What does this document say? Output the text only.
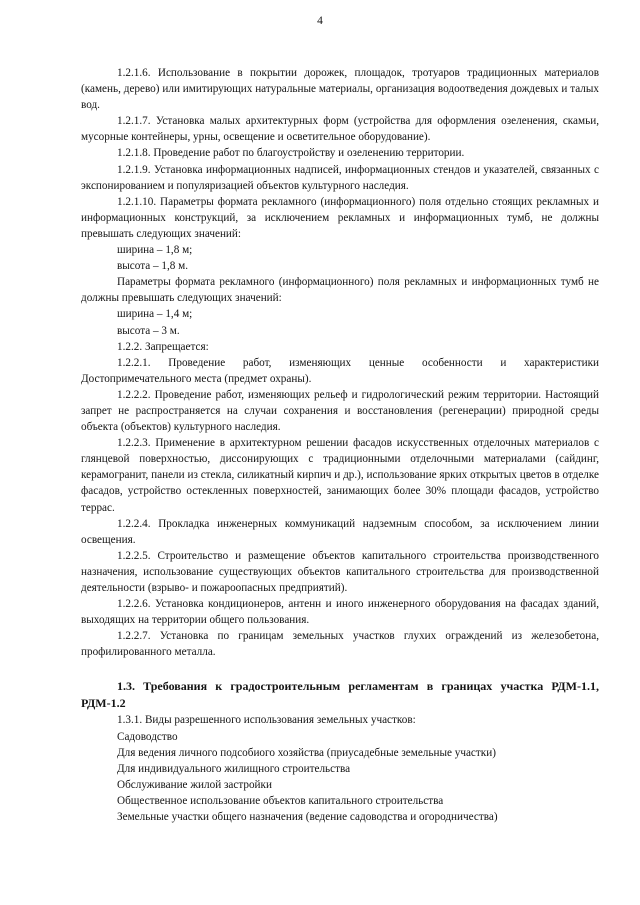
4

1.2.1.6. Использование в покрытии дорожек, площадок, тротуаров традиционных материалов (камень, дерево) или имитирующих натуральные материалы, организация водоотведения дождевых и талых вод.

1.2.1.7. Установка малых архитектурных форм (устройства для оформления озеленения, скамьи, мусорные контейнеры, урны, освещение и осветительное оборудование).

1.2.1.8. Проведение работ по благоустройству и озеленению территории.

1.2.1.9. Установка информационных надписей, информационных стендов и указателей, связанных с экспонированием и популяризацией объектов культурного наследия.

1.2.1.10. Параметры формата рекламного (информационного) поля отдельно стоящих рекламных и информационных конструкций, за исключением рекламных и информационных тумб, не должны превышать следующих значений:

ширина – 1,8 м;

высота – 1,8 м.

Параметры формата рекламного (информационного) поля рекламных и информационных тумб не должны превышать следующих значений:

ширина – 1,4 м;

высота – 3 м.

1.2.2. Запрещается:

1.2.2.1. Проведение работ, изменяющих ценные особенности и характеристики Достопримечательного места (предмет охраны).

1.2.2.2. Проведение работ, изменяющих рельеф и гидрологический режим территории. Настоящий запрет не распространяется на случаи сохранения и восстановления (регенерации) природной среды объекта (объектов) культурного наследия.

1.2.2.3. Применение в архитектурном решении фасадов искусственных отделочных материалов с глянцевой поверхностью, диссонирующих с традиционными отделочными материалами (сайдинг, керамогранит, панели из стекла, силикатный кирпич и др.), использование ярких открытых цветов в отделке фасадов, устройство остекленных поверхностей, занимающих более 30% площади фасадов, устройство террас.

1.2.2.4. Прокладка инженерных коммуникаций надземным способом, за исключением линии освещения.

1.2.2.5. Строительство и размещение объектов капитального строительства производственного назначения, использование существующих объектов капитального строительства для производственной деятельности (взрыво- и пожароопасных предприятий).

1.2.2.6. Установка кондиционеров, антенн и иного инженерного оборудования на фасадах зданий, выходящих на территории общего пользования.

1.2.2.7. Установка по границам земельных участков глухих ограждений из железобетона, профилированного металла.

1.3. Требования к градостроительным регламентам в границах участка РДМ-1.1, РДМ-1.2

1.3.1. Виды разрешенного использования земельных участков:

Садоводство

Для ведения личного подсобиого хозяйства (приусадебные земельные участки)

Для индивидуального жилищного строительства

Обслуживание жилой застройки

Общественное использование объектов капитального строительства

Земельные участки общего назначения (ведение садоводства и огородничества)
